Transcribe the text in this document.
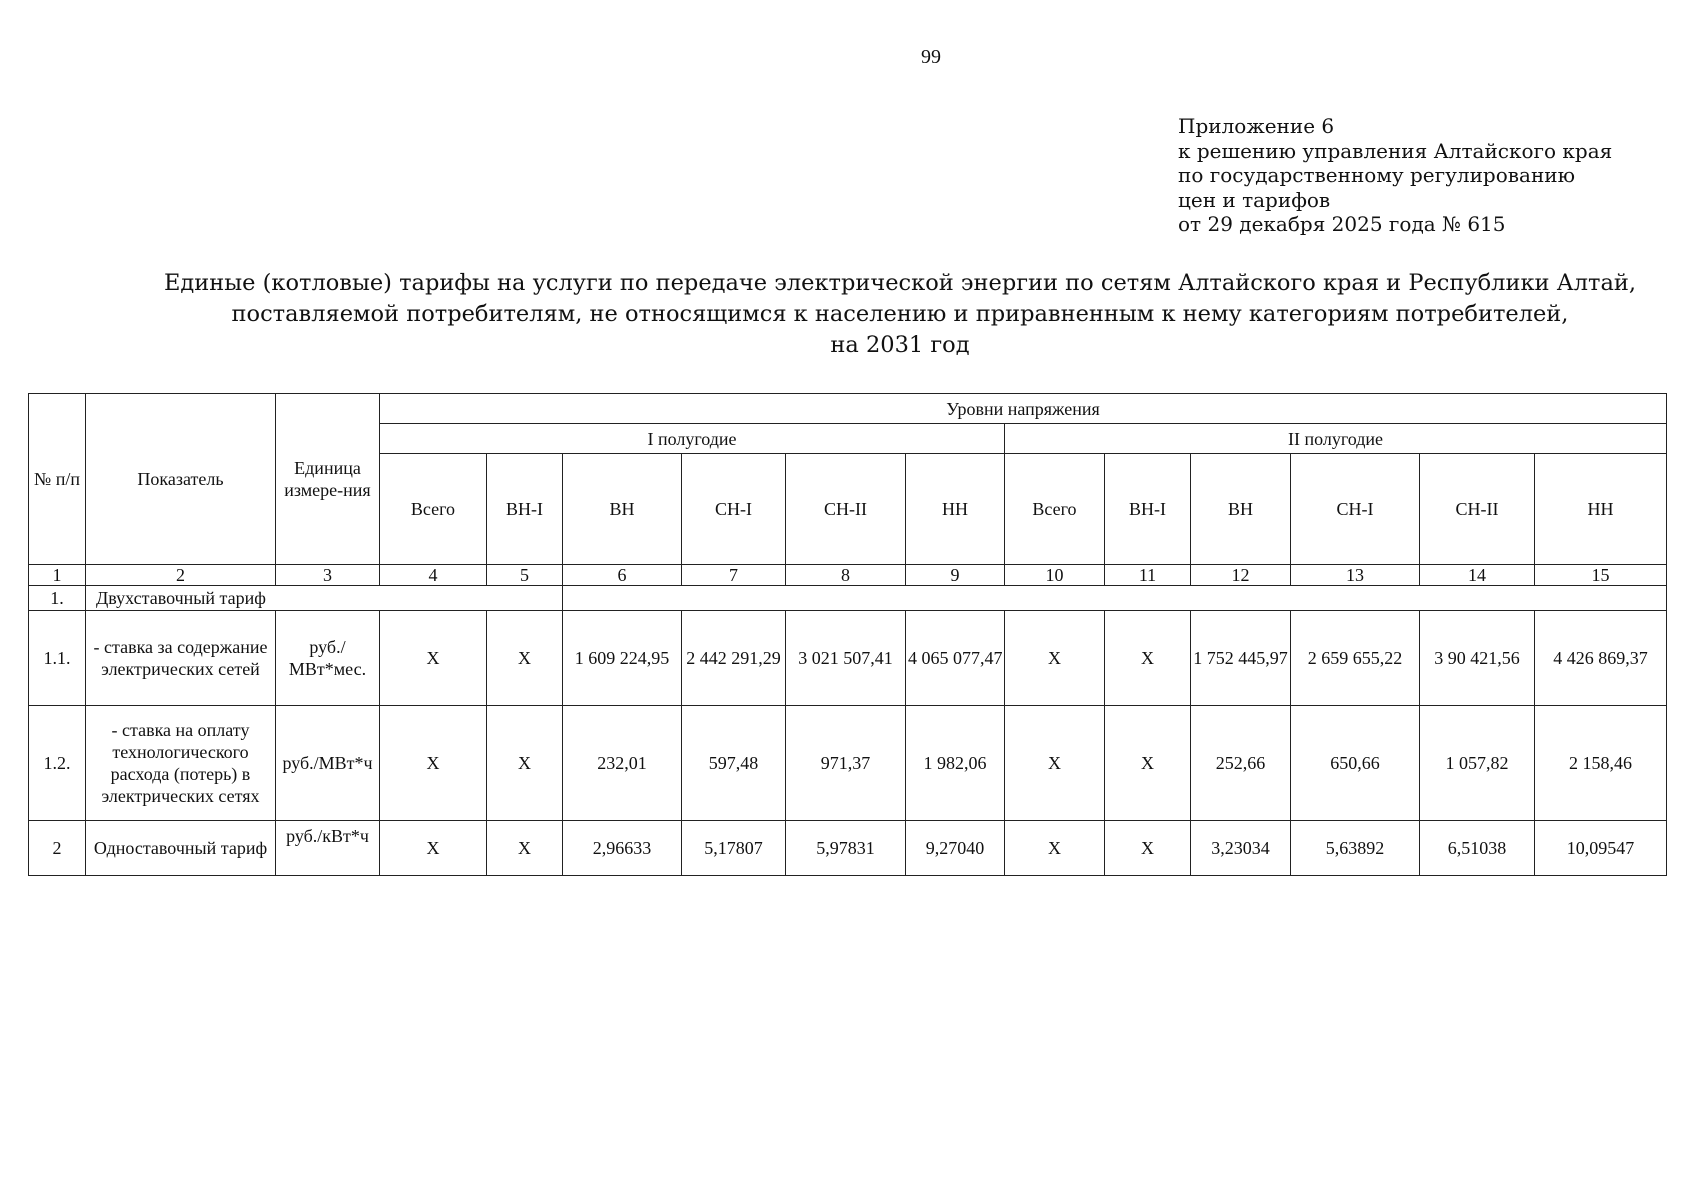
99
Приложение 6
к решению управления Алтайского края
по государственному регулированию
цен и тарифов
от 29 декабря 2025 года № 615
Единые (котловые) тарифы на услуги по передаче электрической энергии по сетям Алтайского края и Республики Алтай,
поставляемой потребителям, не относящимся к населению и приравненным к нему категориям потребителей,
на 2031 год
№ п/п	Показатель	Единица измере-ния	Уровни напряжения											
			I полугодие						II полугодие					
			Всего	ВН-I	ВН	СН-I	СН-II	НН	Всего	ВН-I	ВН	СН-I	СН-II	НН
1	2	3	4	5	6	7	8	9	10	11	12	13	14	15
1.	Двухставочный тариф													
1.1.	- ставка за содержание электрических сетей	руб./ МВт*мес.	X	X	1 609 224,95	2 442 291,29	3 021 507,41	4 065 077,47	X	X	1 752 445,97	2 659 655,22	3 90 421,56	4 426 869,37
1.2.	- ставка на оплату технологического расхода (потерь) в электрических сетях	руб./МВт*ч	X	X	232,01	597,48	971,37	1 982,06	X	X	252,66	650,66	1 057,82	2 158,46
2	Одноставочный тариф	руб./кВт*ч	X	X	2,96633	5,17807	5,97831	9,27040	X	X	3,23034	5,63892	6,51038	10,09547
